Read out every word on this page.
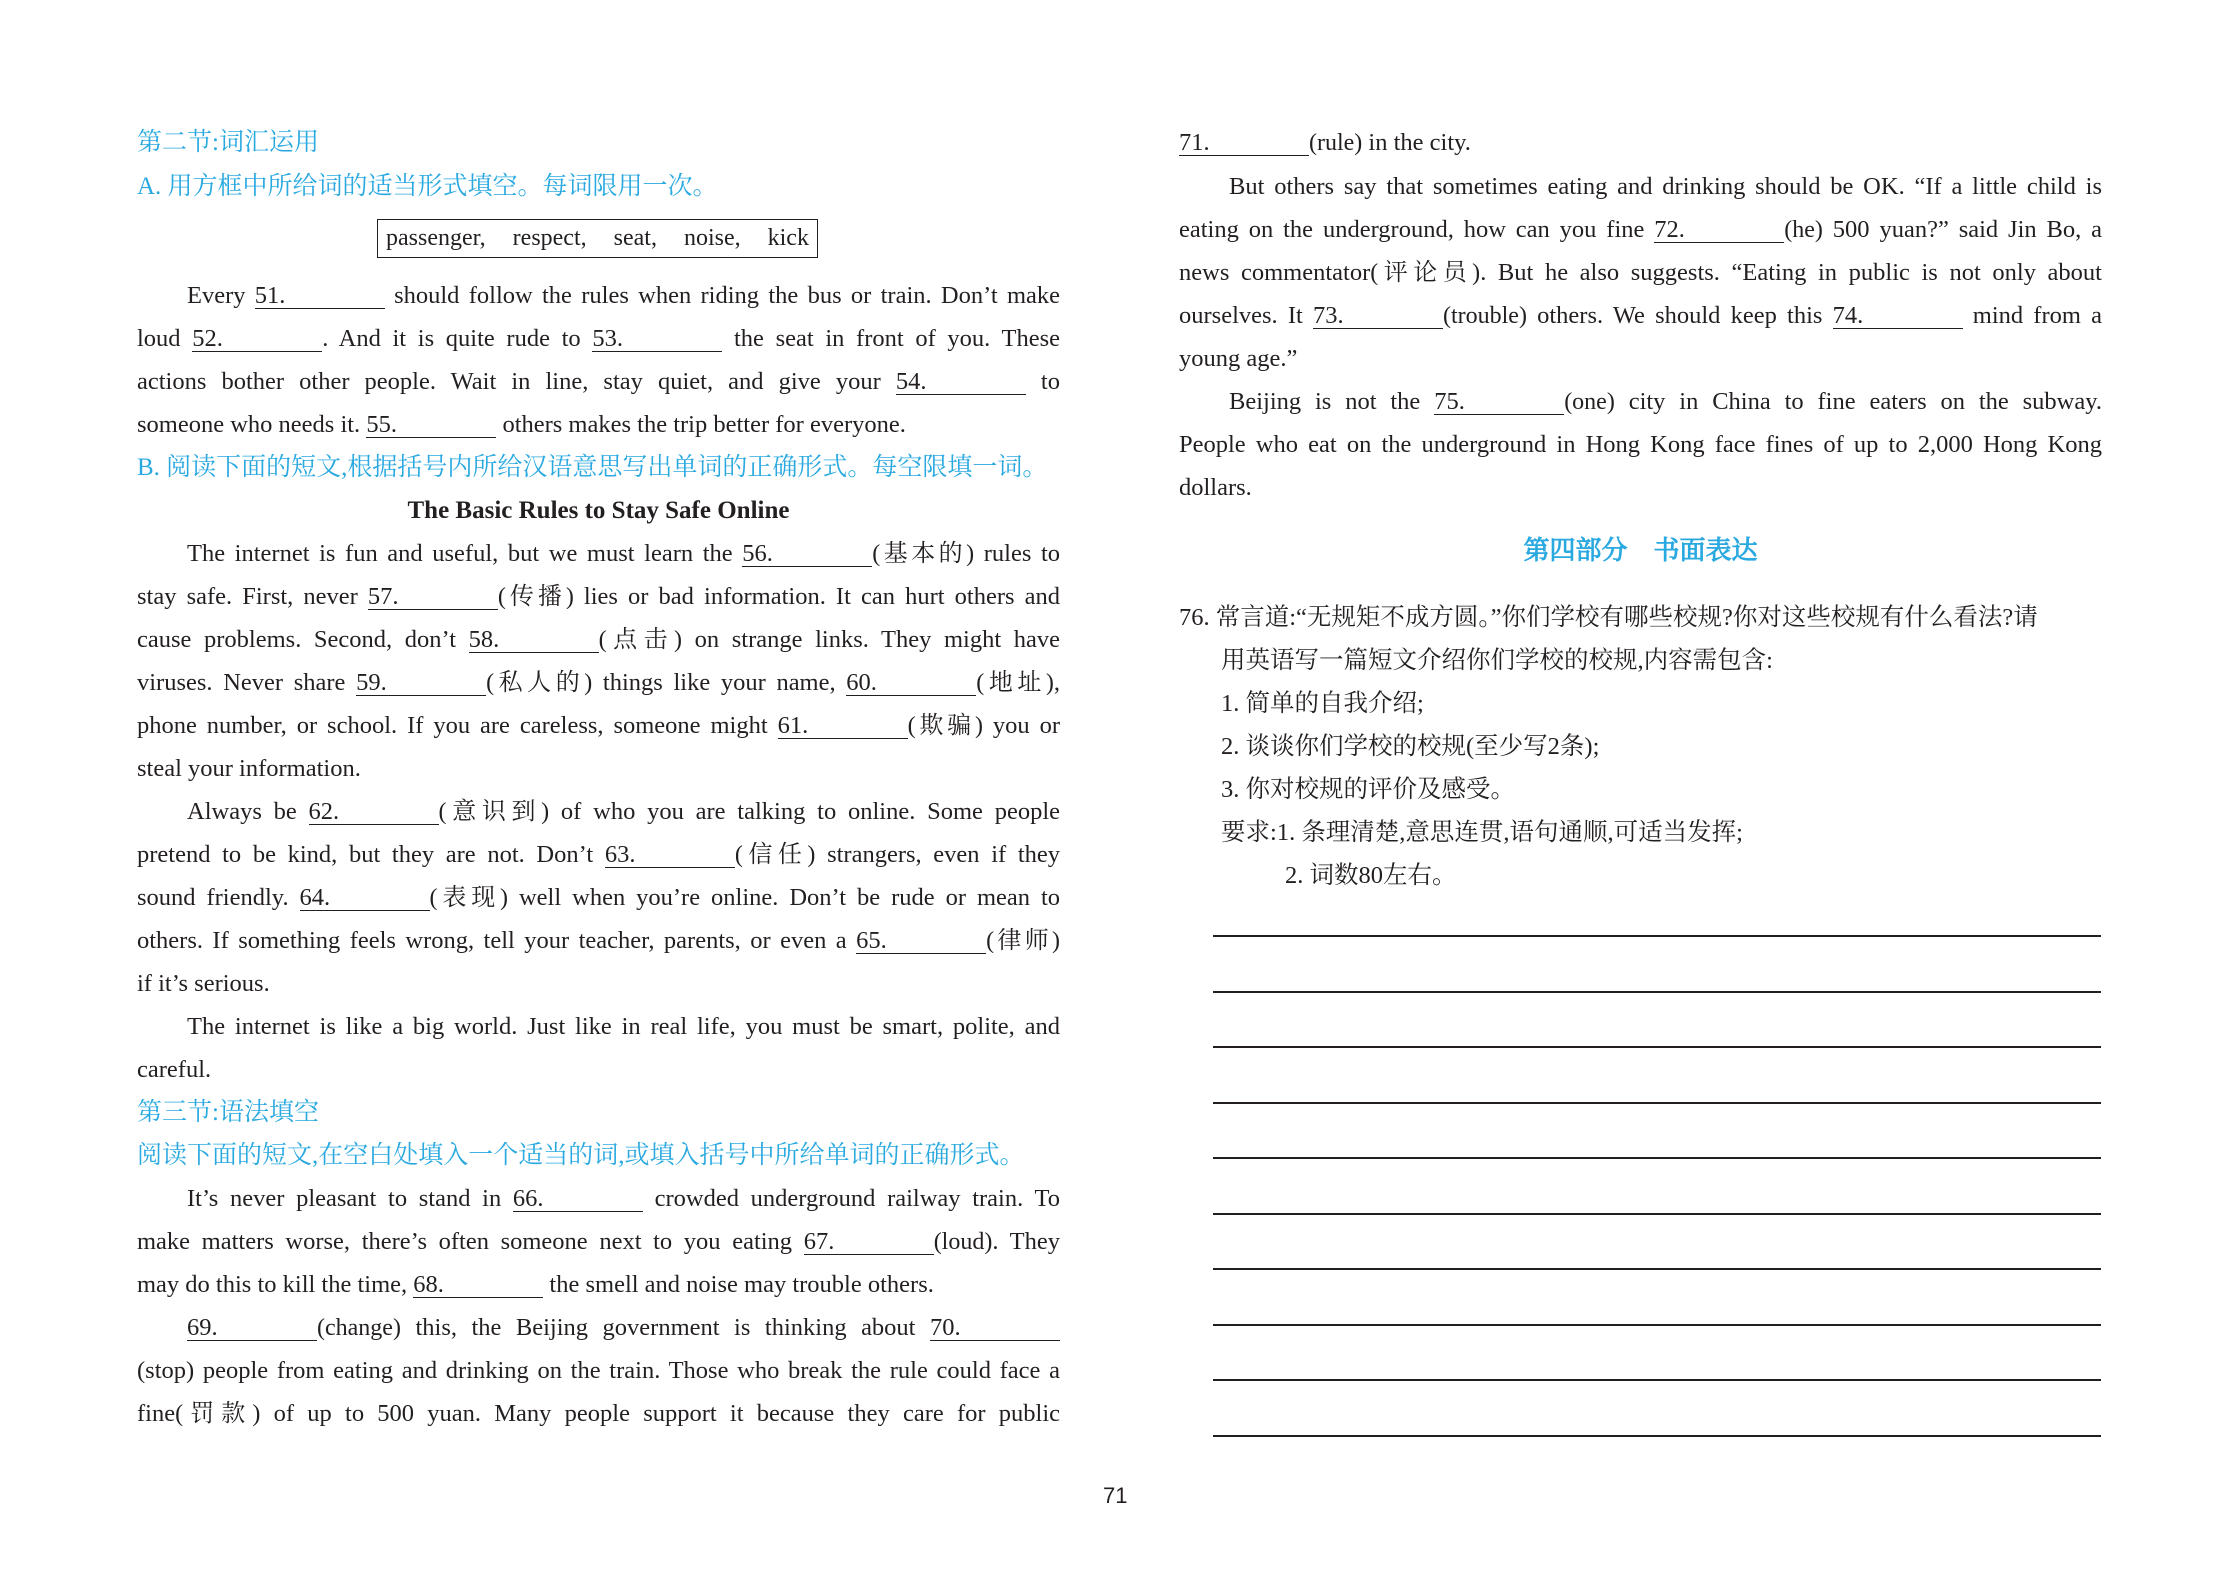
第二节:词汇运用
A. 用方框中所给词的适当形式填空。每词限用一次。
passenger, respect, seat, noise, kick
Every 51.	should follow the rules when riding the bus or train. Don’t make
loud 52.	. And it is quite rude to 53.	the seat in front of you. These
actions bother other people. Wait in line, stay quiet, and give your 54.	to
someone who needs it. 55.	others makes the trip better for everyone.
B. 阅读下面的短文,根据括号内所给汉语意思写出单词的正确形式。每空限填一词。
The Basic Rules to Stay Safe Online
The internet is fun and useful, but we must learn the 56.	(基本的) rules to
stay safe. First, never 57.	(传播) lies or bad information. It can hurt others and
cause problems. Second, don’t 58.	(点击) on strange links. They might have
viruses. Never share 59.	(私人的) things like your name, 60.	(地址),
phone number, or school. If you are careless, someone might 61.	(欺骗) you or
steal your information.
Always be 62.	(意识到) of who you are talking to online. Some people
pretend to be kind, but they are not. Don’t 63.	(信任) strangers, even if they
sound friendly. 64.	(表现) well when you’re online. Don’t be rude or mean to
others. If something feels wrong, tell your teacher, parents, or even a 65.	(律师)
if it’s serious.
The internet is like a big world. Just like in real life, you must be smart, polite, and
careful.
第三节:语法填空
阅读下面的短文,在空白处填入一个适当的词,或填入括号中所给单词的正确形式。
It’s never pleasant to stand in 66.	crowded underground railway train. To
make matters worse, there’s often someone next to you eating 67.	(loud). They
may do this to kill the time, 68.	the smell and noise may trouble others.
69.	(change) this, the Beijing government is thinking about 70.
(stop) people from eating and drinking on the train. Those who break the rule could face a
fine(罚款) of up to 500 yuan. Many people support it because they care for public
71.	(rule) in the city.
But others say that sometimes eating and drinking should be OK. “If a little child is
eating on the underground, how can you fine 72.	(he) 500 yuan?” said Jin Bo, a
news commentator(评论员). But he also suggests. “Eating in public is not only about
ourselves. It 73.	(trouble) others. We should keep this 74.	mind from a
young age.”
Beijing is not the 75.	(one) city in China to fine eaters on the subway.
People who eat on the underground in Hong Kong face fines of up to 2,000 Hong Kong
dollars.
第四部分　书面表达
76. 常言道:“无规矩不成方圆。”你们学校有哪些校规?你对这些校规有什么看法?请
用英语写一篇短文介绍你们学校的校规,内容需包含:
1. 简单的自我介绍;
2. 谈谈你们学校的校规(至少写2条);
3. 你对校规的评价及感受。
要求:1. 条理清楚,意思连贯,语句通顺,可适当发挥;
2. 词数80左右。
71
